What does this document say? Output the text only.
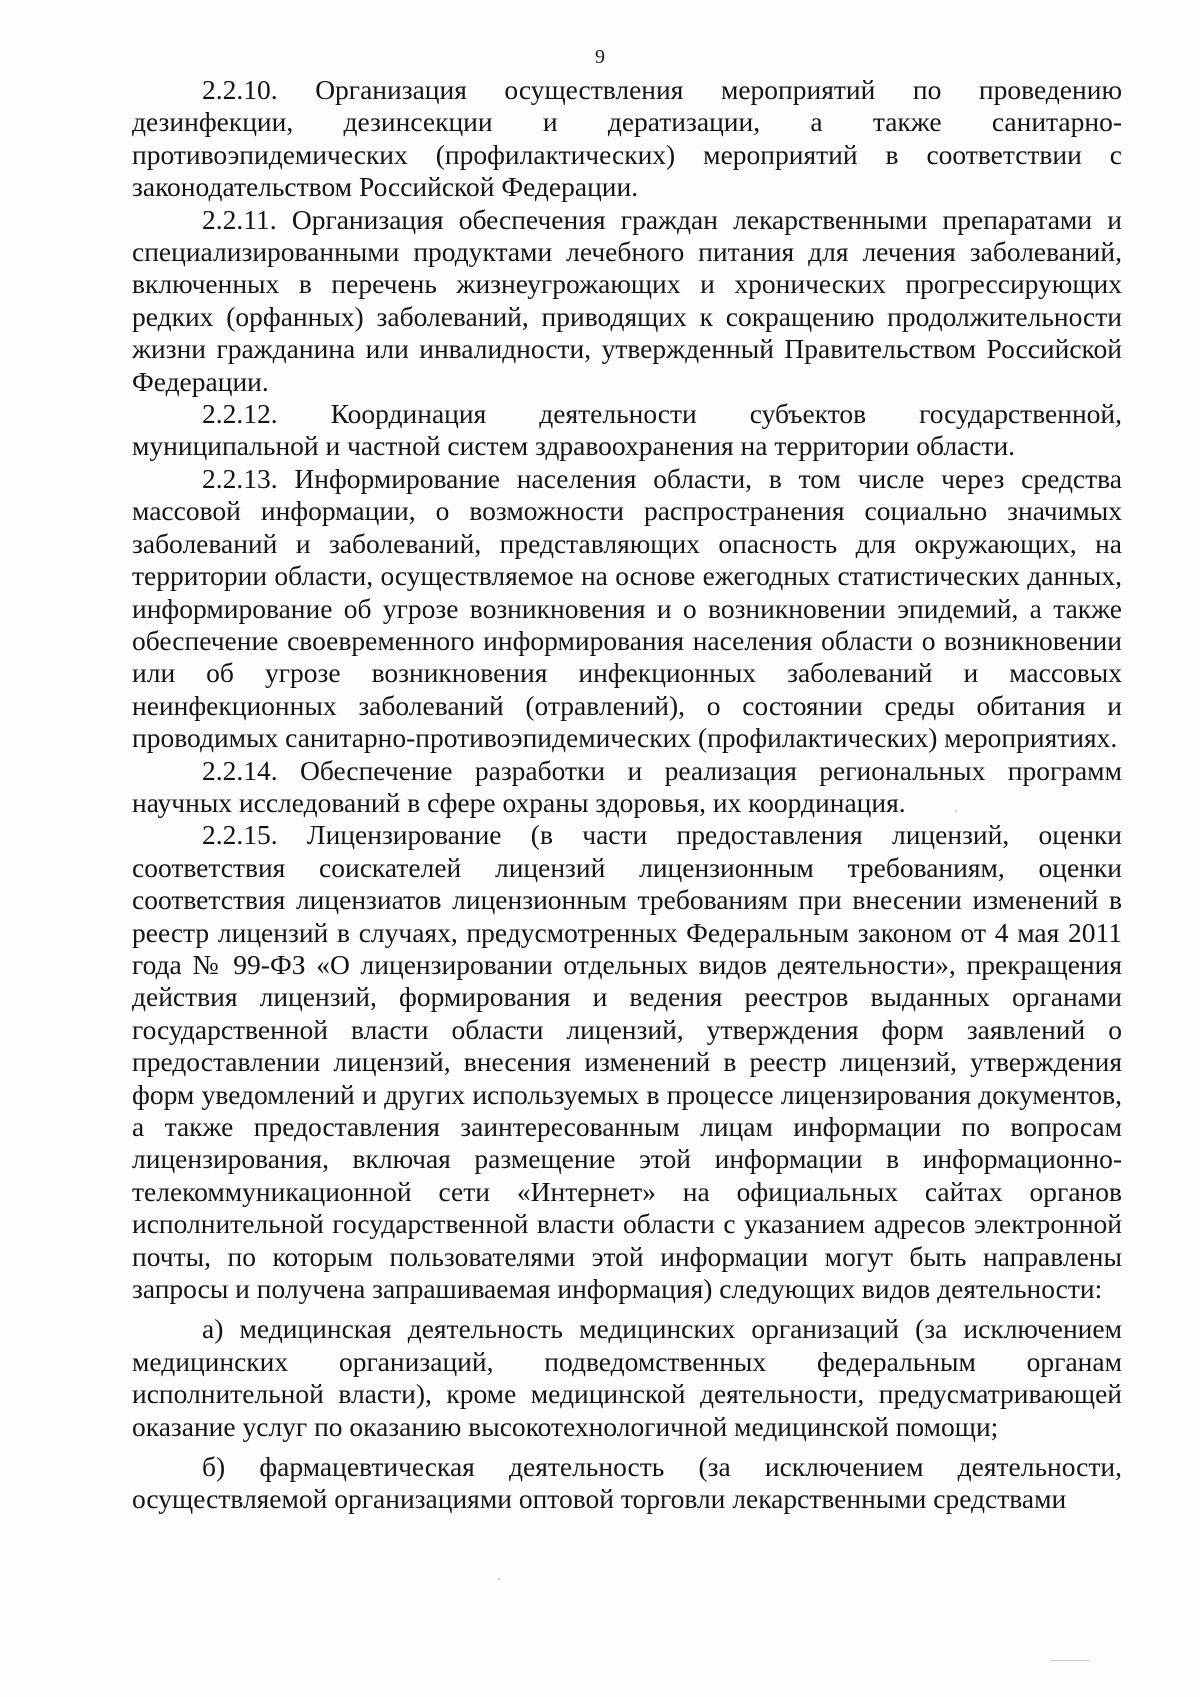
9

2.2.10. Организация осуществления мероприятий по проведению дезинфекции, дезинсекции и дератизации, а также санитарно-противоэпидемических (профилактических) мероприятий в соответствии с законодательством Российской Федерации.

2.2.11. Организация обеспечения граждан лекарственными препаратами и специализированными продуктами лечебного питания для лечения заболеваний, включенных в перечень жизнеугрожающих и хронических прогрессирующих редких (орфанных) заболеваний, приводящих к сокращению продолжительности жизни гражданина или инвалидности, утвержденный Правительством Российской Федерации.

2.2.12. Координация деятельности субъектов государственной, муниципальной и частной систем здравоохранения на территории области.

2.2.13. Информирование населения области, в том числе через средства массовой информации, о возможности распространения социально значимых заболеваний и заболеваний, представляющих опасность для окружающих, на территории области, осуществляемое на основе ежегодных статистических данных, информирование об угрозе возникновения и о возникновении эпидемий, а также обеспечение своевременного информирования населения области о возникновении или об угрозе возникновения инфекционных заболеваний и массовых неинфекционных заболеваний (отравлений), о состоянии среды обитания и проводимых санитарно-противоэпидемических (профилактических) мероприятиях.

2.2.14. Обеспечение разработки и реализация региональных программ научных исследований в сфере охраны здоровья, их координация.

2.2.15. Лицензирование (в части предоставления лицензий, оценки соответствия соискателей лицензий лицензионным требованиям, оценки соответствия лицензиатов лицензионным требованиям при внесении изменений в реестр лицензий в случаях, предусмотренных Федеральным законом от 4 мая 2011 года № 99-ФЗ «О лицензировании отдельных видов деятельности», прекращения действия лицензий, формирования и ведения реестров выданных органами государственной власти области лицензий, утверждения форм заявлений о предоставлении лицензий, внесения изменений в реестр лицензий, утверждения форм уведомлений и других используемых в процессе лицензирования документов, а также предоставления заинтересованным лицам информации по вопросам лицензирования, включая размещение этой информации в информационно-телекоммуникационной сети «Интернет» на официальных сайтах органов исполнительной государственной власти области с указанием адресов электронной почты, по которым пользователями этой информации могут быть направлены запросы и получена запрашиваемая информация) следующих видов деятельности:

а) медицинская деятельность медицинских организаций (за исключением медицинских организаций, подведомственных федеральным органам исполнительной власти), кроме медицинской деятельности, предусматривающей оказание услуг по оказанию высокотехнологичной медицинской помощи;

б) фармацевтическая деятельность (за исключением деятельности, осуществляемой организациями оптовой торговли лекарственными средствами
